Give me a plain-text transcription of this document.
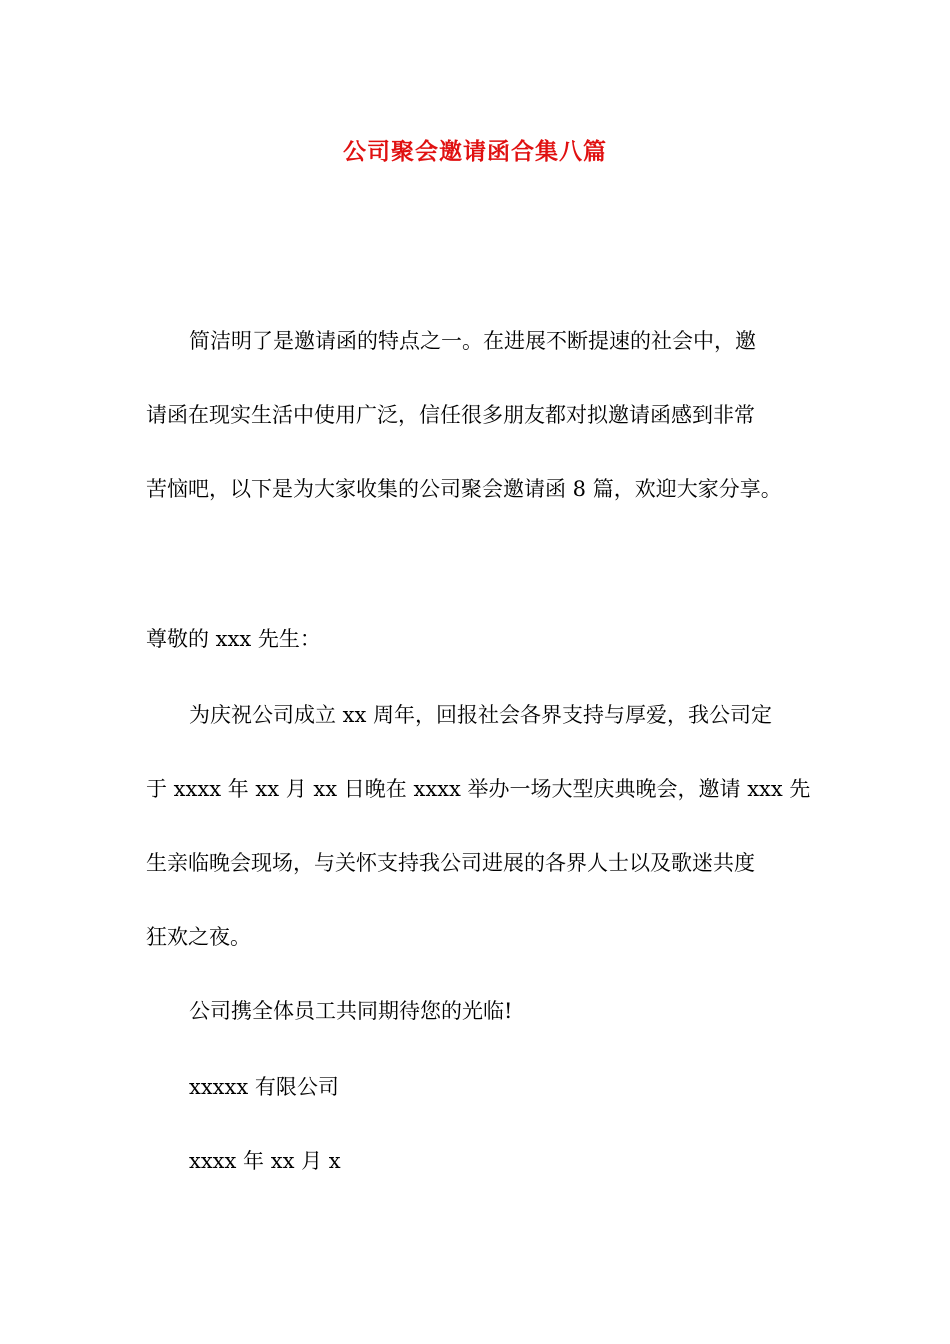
公司聚会邀请函合集八篇
简洁明了是邀请函的特点之一。在进展不断提速的社会中，邀
请函在现实生活中使用广泛，信任很多朋友都对拟邀请函感到非常
苦恼吧，以下是为大家收集的公司聚会邀请函 8 篇，欢迎大家分享。
尊敬的 xxx 先生：
为庆祝公司成立 xx 周年，回报社会各界支持与厚爱，我公司定
于 xxxx 年 xx 月 xx 日晚在 xxxx 举办一场大型庆典晚会，邀请 xxx 先
生亲临晚会现场，与关怀支持我公司进展的各界人士以及歌迷共度
狂欢之夜。
公司携全体员工共同期待您的光临!
xxxxx 有限公司
xxxx 年 xx 月 x
